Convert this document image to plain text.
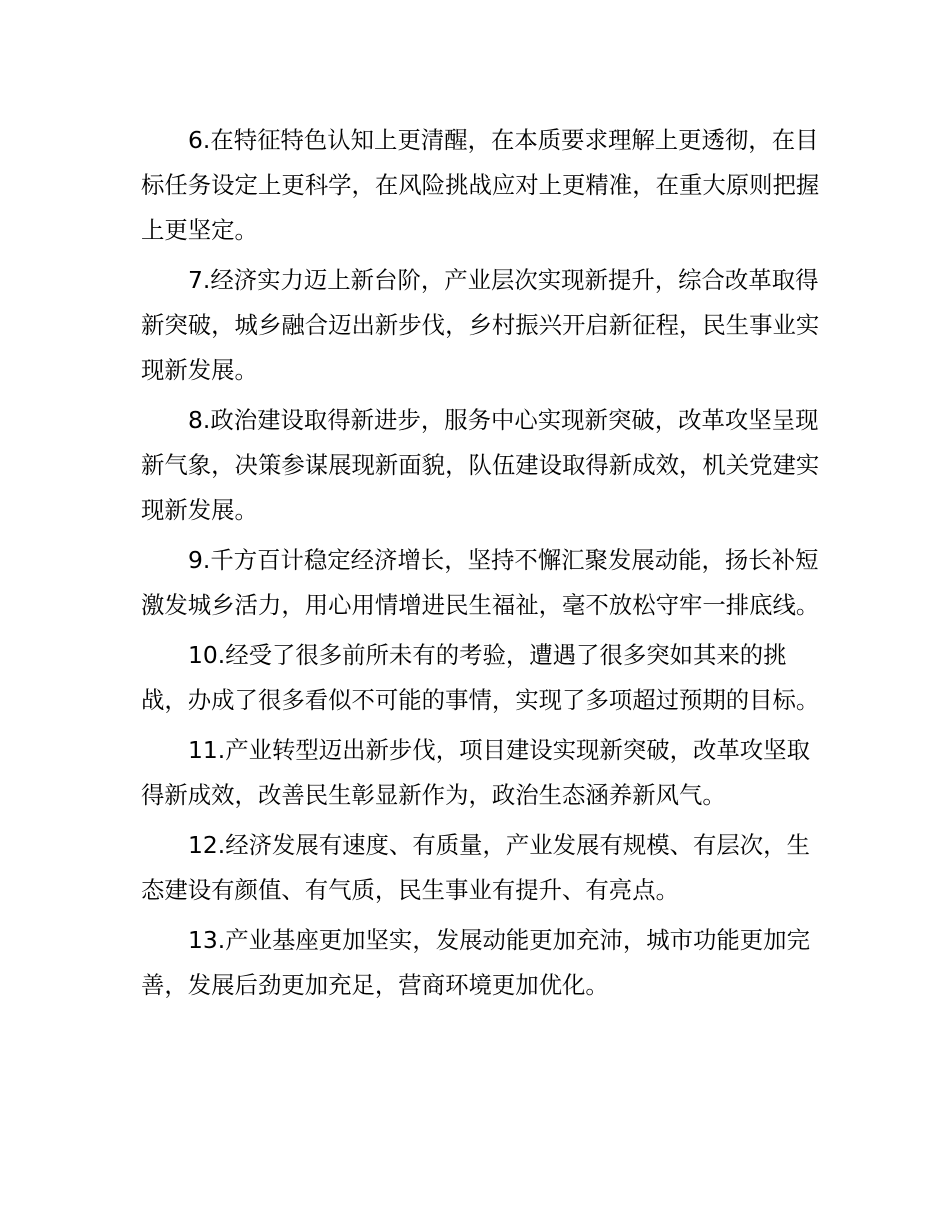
6.在特征特色认知上更清醒，在本质要求理解上更透彻，在目标任务设定上更科学，在风险挑战应对上更精准，在重大原则把握上更坚定。

7.经济实力迈上新台阶，产业层次实现新提升，综合改革取得新突破，城乡融合迈出新步伐，乡村振兴开启新征程，民生事业实现新发展。

8.政治建设取得新进步，服务中心实现新突破，改革攻坚呈现新气象，决策参谋展现新面貌，队伍建设取得新成效，机关党建实现新发展。

9.千方百计稳定经济增长，坚持不懈汇聚发展动能，扬长补短激发城乡活力，用心用情增进民生福祉，毫不放松守牢一排底线。

10.经受了很多前所未有的考验，遭遇了很多突如其来的挑战，办成了很多看似不可能的事情，实现了多项超过预期的目标。

11.产业转型迈出新步伐，项目建设实现新突破，改革攻坚取得新成效，改善民生彰显新作为，政治生态涵养新风气。

12.经济发展有速度、有质量，产业发展有规模、有层次，生态建设有颜值、有气质，民生事业有提升、有亮点。

13.产业基座更加坚实，发展动能更加充沛，城市功能更加完善，发展后劲更加充足，营商环境更加优化。
